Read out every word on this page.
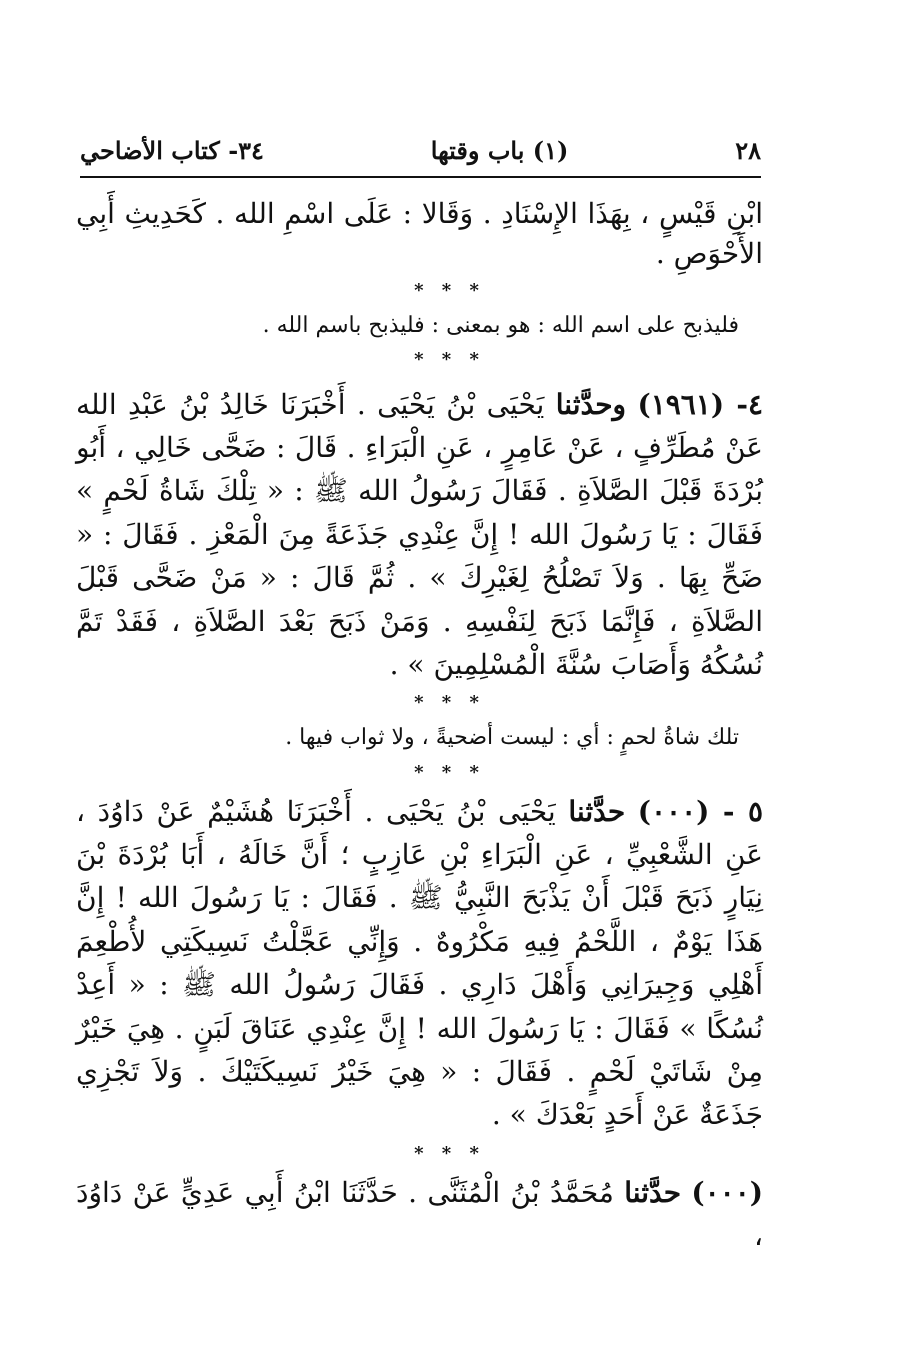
٢٨
(١) باب وقتها
٣٤- كتاب الأضاحي

ابْنِ قَيْسٍ ، بِهَذَا الإِسْنَادِ . وَقَالا : عَلَى اسْمِ الله . كَحَدِيثِ أَبِي الأَحْوَصِ .

* * *

فليذبح على اسم الله : هو بمعنى : فليذبح باسم الله .

* * *

٤- (١٩٦١) وحدَّثنا يَحْيَى بْنُ يَحْيَى . أَخْبَرَنَا خَالِدُ بْنُ عَبْدِ الله عَنْ مُطَرِّفٍ ، عَنْ عَامِرٍ ، عَنِ الْبَرَاءِ . قَالَ : ضَحَّى خَالِي ، أَبُو بُرْدَةَ قَبْلَ الصَّلاَةِ . فَقَالَ رَسُولُ الله ﷺ : « تِلْكَ شَاةُ لَحْمٍ » فَقَالَ : يَا رَسُولَ الله ! إِنَّ عِنْدِي جَذَعَةً مِنَ الْمَعْزِ . فَقَالَ : « ضَحِّ بِهَا . وَلاَ تَصْلُحُ لِغَيْرِكَ » . ثُمَّ قَالَ : « مَنْ ضَحَّى قَبْلَ الصَّلاَةِ ، فَإِنَّمَا ذَبَحَ لِنَفْسِهِ . وَمَنْ ذَبَحَ بَعْدَ الصَّلاَةِ ، فَقَدْ تَمَّ نُسُكُهُ وَأَصَابَ سُنَّةَ الْمُسْلِمِينَ » .

* * *

تلك شاةُ لحمٍ : أي : ليست أضحيةً ، ولا ثواب فيها .

* * *

٥ - (٠٠٠) حدَّثنا يَحْيَى بْنُ يَحْيَى . أَخْبَرَنَا هُشَيْمٌ عَنْ دَاوُدَ ، عَنِ الشَّعْبِيِّ ، عَنِ الْبَرَاءِ بْنِ عَازِبٍ ؛ أَنَّ خَالَهُ ، أَبَا بُرْدَةَ بْنَ نِيَارٍ ذَبَحَ قَبْلَ أَنْ يَذْبَحَ النَّبِيُّ ﷺ . فَقَالَ : يَا رَسُولَ الله ! إِنَّ هَذَا يَوْمٌ ، اللَّحْمُ فِيهِ مَكْرُوهٌ . وَإِنِّي عَجَّلْتُ نَسِيكَتِي لأُطْعِمَ أَهْلِي وَجِيرَانِي وَأَهْلَ دَارِي . فَقَالَ رَسُولُ الله ﷺ : « أَعِدْ نُسُكًا » فَقَالَ : يَا رَسُولَ الله ! إِنَّ عِنْدِي عَنَاقَ لَبَنٍ . هِيَ خَيْرٌ مِنْ شَاتَيْ لَحْمٍ . فَقَالَ : « هِيَ خَيْرُ نَسِيكَتَيْكَ . وَلاَ تَجْزِي جَذَعَةٌ عَنْ أَحَدٍ بَعْدَكَ » .

* * *

(٠٠٠) حدَّثنا مُحَمَّدُ بْنُ الْمُثَنَّى . حَدَّثَنَا ابْنُ أَبِي عَدِيٍّ عَنْ دَاوُدَ ،
